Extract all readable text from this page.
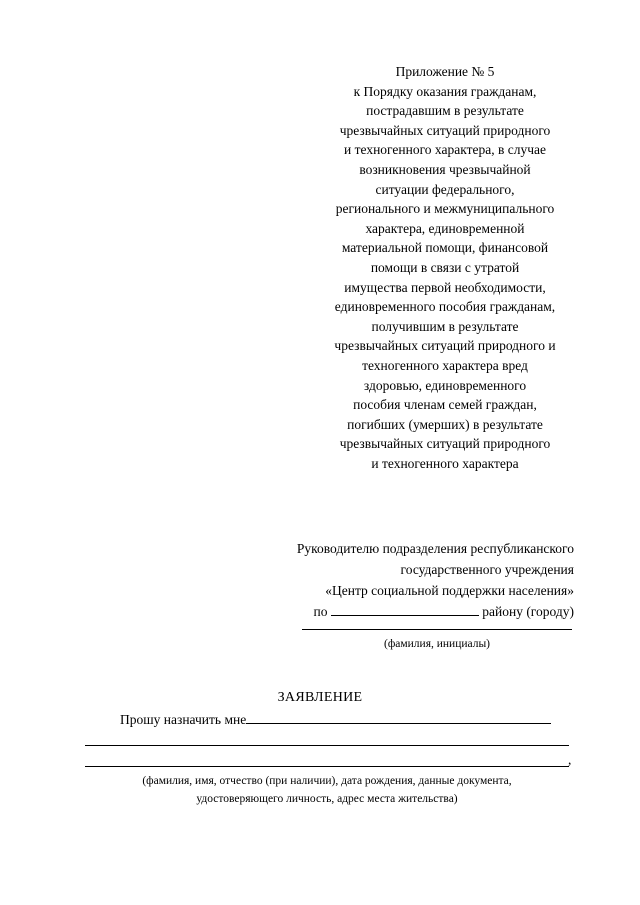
Приложение № 5
к Порядку оказания гражданам,
пострадавшим в результате
чрезвычайных ситуаций природного
и техногенного характера, в случае
возникновения чрезвычайной
ситуации федерального,
регионального и межмуниципального
характера, единовременной
материальной помощи, финансовой
помощи в связи с утратой
имущества первой необходимости,
единовременного пособия гражданам,
получившим в результате
чрезвычайных ситуаций природного и
техногенного характера вред
здоровью, единовременного
пособия членам семей граждан,
погибших (умерших) в результате
чрезвычайных ситуаций природного
и техногенного характера
Руководителю подразделения республиканского
государственного учреждения
«Центр социальной поддержки населения»
по	району (городу)
(фамилия, инициалы)
ЗАЯВЛЕНИЕ
Прошу назначить мне
,
(фамилия, имя, отчество (при наличии), дата рождения, данные документа,
удостоверяющего личность, адрес места жительства)
